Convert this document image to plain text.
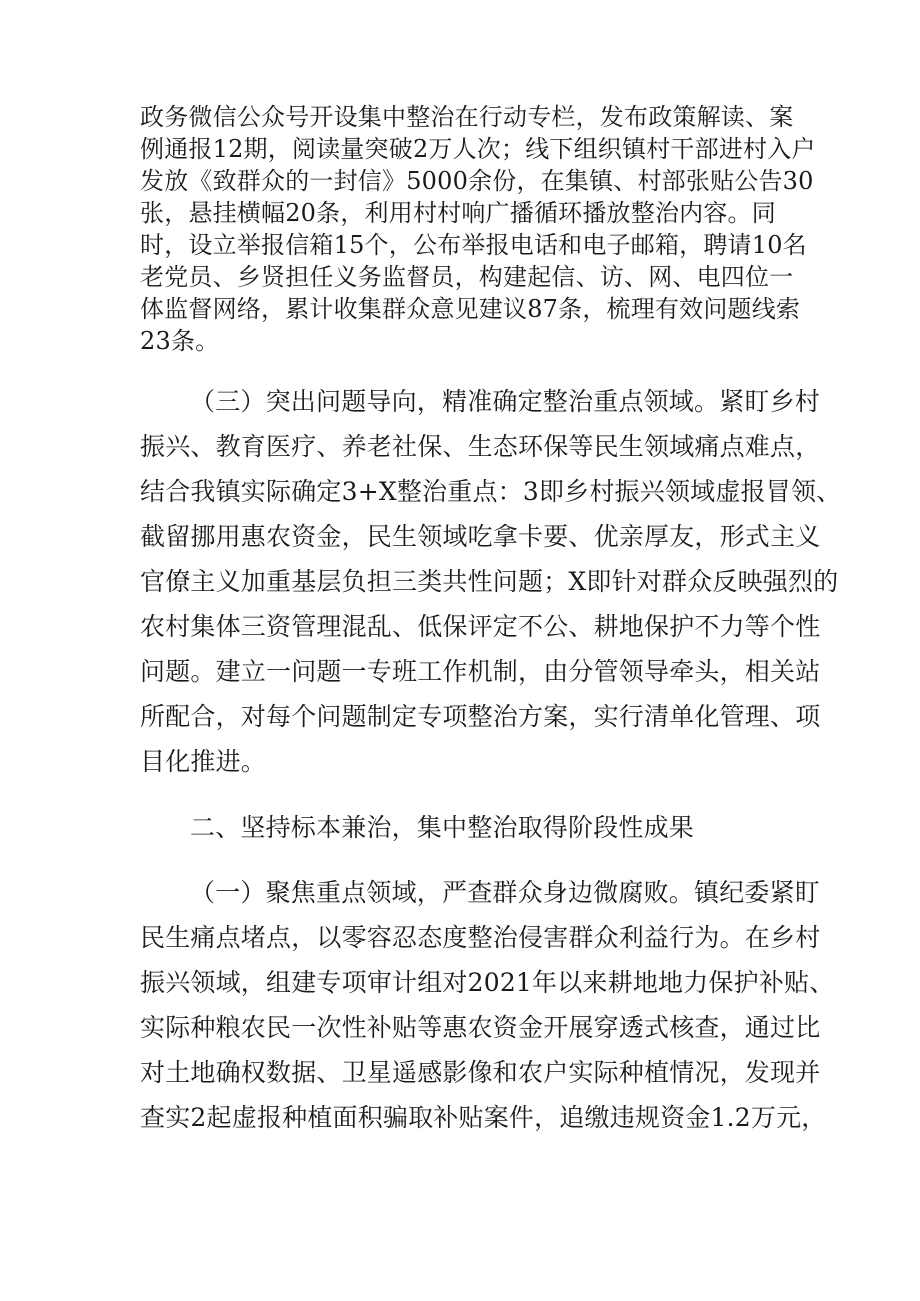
政务微信公众号开设集中整治在行动专栏，发布政策解读、案
例通报12期，阅读量突破2万人次；线下组织镇村干部进村入户
发放《致群众的一封信》5000余份，在集镇、村部张贴公告30
张，悬挂横幅20条，利用村村响广播循环播放整治内容。同
时，设立举报信箱15个，公布举报电话和电子邮箱，聘请10名
老党员、乡贤担任义务监督员，构建起信、访、网、电四位一
体监督网络，累计收集群众意见建议87条，梳理有效问题线索
23条。
（三）突出问题导向，精准确定整治重点领域。紧盯乡村
振兴、教育医疗、养老社保、生态环保等民生领域痛点难点，
结合我镇实际确定3+X整治重点：3即乡村振兴领域虚报冒领、
截留挪用惠农资金，民生领域吃拿卡要、优亲厚友，形式主义
官僚主义加重基层负担三类共性问题；X即针对群众反映强烈的
农村集体三资管理混乱、低保评定不公、耕地保护不力等个性
问题。建立一问题一专班工作机制，由分管领导牵头，相关站
所配合，对每个问题制定专项整治方案，实行清单化管理、项
目化推进。
二、坚持标本兼治，集中整治取得阶段性成果
（一）聚焦重点领域，严查群众身边微腐败。镇纪委紧盯
民生痛点堵点，以零容忍态度整治侵害群众利益行为。在乡村
振兴领域，组建专项审计组对2021年以来耕地地力保护补贴、
实际种粮农民一次性补贴等惠农资金开展穿透式核查，通过比
对土地确权数据、卫星遥感影像和农户实际种植情况，发现并
查实2起虚报种植面积骗取补贴案件，追缴违规资金1.2万元，
